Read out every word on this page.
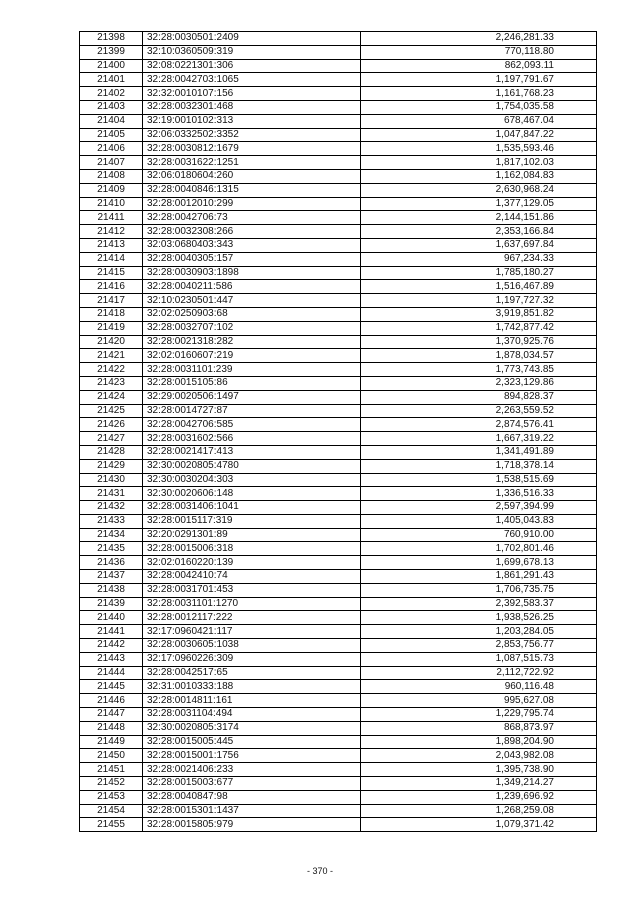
21398	32:28:0030501:2409	2,246,281.33
21399	32:10:0360509:319	770,118.80
21400	32:08:0221301:306	862,093.11
21401	32:28:0042703:1065	1,197,791.67
21402	32:32:0010107:156	1,161,768.23
21403	32:28:0032301:468	1,754,035.58
21404	32:19:0010102:313	678,467.04
21405	32:06:0332502:3352	1,047,847.22
21406	32:28:0030812:1679	1,535,593.46
21407	32:28:0031622:1251	1,817,102.03
21408	32:06:0180604:260	1,162,084.83
21409	32:28:0040846:1315	2,630,968.24
21410	32:28:0012010:299	1,377,129.05
21411	32:28:0042706:73	2,144,151.86
21412	32:28:0032308:266	2,353,166.84
21413	32:03:0680403:343	1,637,697.84
21414	32:28:0040305:157	967,234.33
21415	32:28:0030903:1898	1,785,180.27
21416	32:28:0040211:586	1,516,467.89
21417	32:10:0230501:447	1,197,727.32
21418	32:02:0250903:68	3,919,851.82
21419	32:28:0032707:102	1,742,877.42
21420	32:28:0021318:282	1,370,925.76
21421	32:02:0160607:219	1,878,034.57
21422	32:28:0031101:239	1,773,743.85
21423	32:28:0015105:86	2,323,129.86
21424	32:29:0020506:1497	894,828.37
21425	32:28:0014727:87	2,263,559.52
21426	32:28:0042706:585	2,874,576.41
21427	32:28:0031602:566	1,667,319.22
21428	32:28:0021417:413	1,341,491.89
21429	32:30:0020805:4780	1,718,378.14
21430	32:30:0030204:303	1,538,515.69
21431	32:30:0020606:148	1,336,516.33
21432	32:28:0031406:1041	2,597,394.99
21433	32:28:0015117:319	1,405,043.83
21434	32:20:0291301:89	760,910.00
21435	32:28:0015006:318	1,702,801.46
21436	32:02:0160220:139	1,699,678.13
21437	32:28:0042410:74	1,861,291.43
21438	32:28:0031701:453	1,706,735.75
21439	32:28:0031101:1270	2,392,583.37
21440	32:28:0012117:222	1,938,526.25
21441	32:17:0960421:117	1,203,284.05
21442	32:28:0030605:1038	2,853,756.77
21443	32:17:0960226:309	1,087,515.73
21444	32:28:0042517:65	2,112,722.92
21445	32:31:0010333:188	960,116.48
21446	32:28:0014811:161	995,627.08
21447	32:28:0031104:494	1,229,795.74
21448	32:30:0020805:3174	868,873.97
21449	32:28:0015005:445	1,898,204.90
21450	32:28:0015001:1756	2,043,982.08
21451	32:28:0021406:233	1,395,738.90
21452	32:28:0015003:677	1,349,214.27
21453	32:28:0040847:98	1,239,696.92
21454	32:28:0015301:1437	1,268,259.08
21455	32:28:0015805:979	1,079,371.42
- 370 -
